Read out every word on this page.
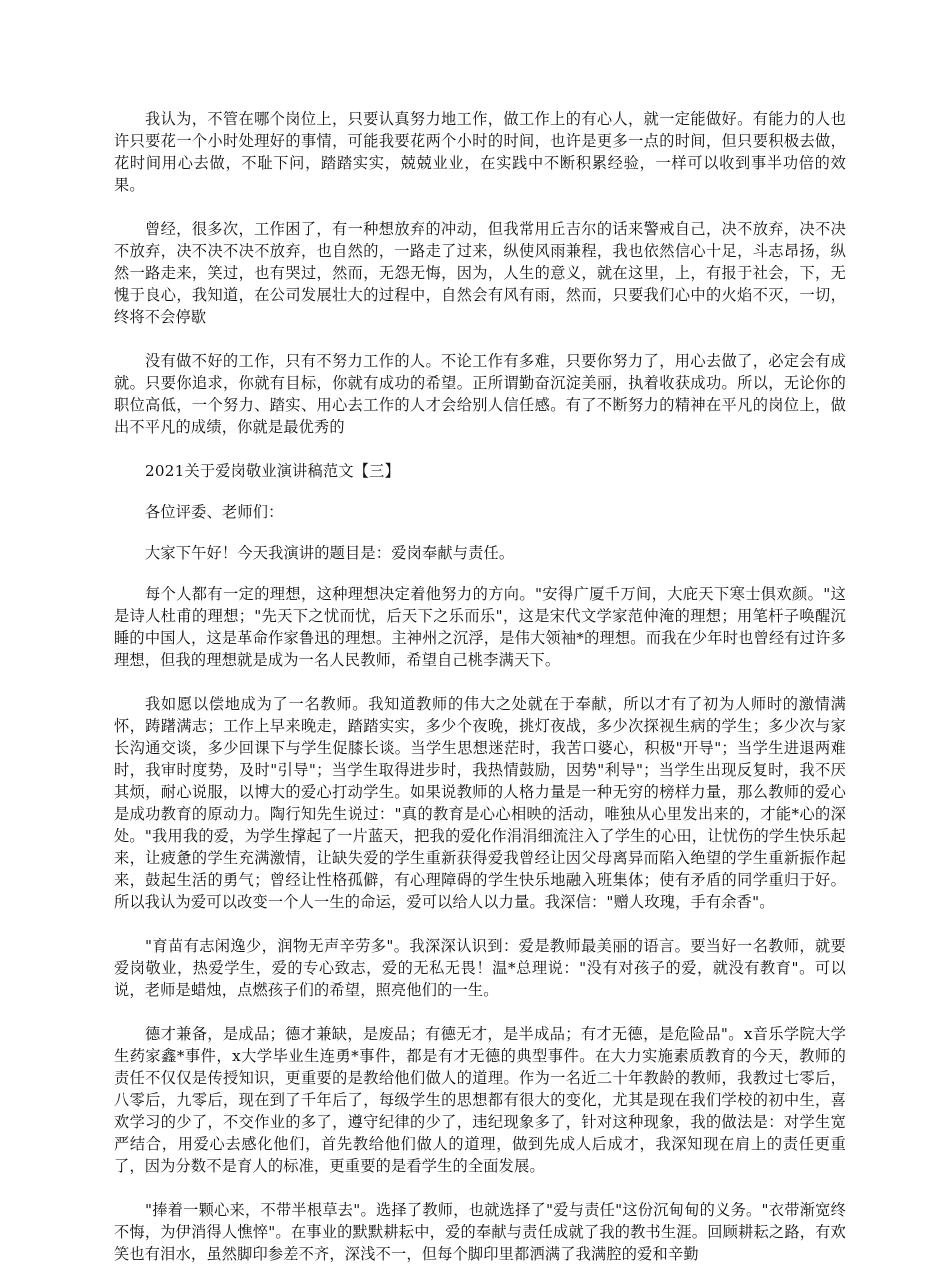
我认为，不管在哪个岗位上，只要认真努力地工作，做工作上的有心人，就一定能做好。有能力的人也许只要花一个小时处理好的事情，可能我要花两个小时的时间，也许是更多一点的时间，但只要积极去做，花时间用心去做，不耻下问，踏踏实实，兢兢业业，在实践中不断积累经验，一样可以收到事半功倍的效果。

曾经，很多次，工作困了，有一种想放弃的冲动，但我常用丘吉尔的话来警戒自己，决不放弃，决不决不放弃，决不决不决不放弃，也自然的，一路走了过来，纵使风雨兼程，我也依然信心十足，斗志昂扬，纵然一路走来，笑过，也有哭过，然而，无怨无悔，因为，人生的意义，就在这里，上，有报于社会，下，无愧于良心，我知道，在公司发展壮大的过程中，自然会有风有雨，然而，只要我们心中的火焰不灭，一切，终将不会停歇

没有做不好的工作，只有不努力工作的人。不论工作有多难，只要你努力了，用心去做了，必定会有成就。只要你追求，你就有目标，你就有成功的希望。正所谓勤奋沉淀美丽，执着收获成功。所以，无论你的职位高低，一个努力、踏实、用心去工作的人才会给别人信任感。有了不断努力的精神在平凡的岗位上，做出不平凡的成绩，你就是最优秀的

2021关于爱岗敬业演讲稿范文【三】

各位评委、老师们：

大家下午好！今天我演讲的题目是：爱岗奉献与责任。

每个人都有一定的理想，这种理想决定着他努力的方向。"安得广厦千万间，大庇天下寒士俱欢颜。"这是诗人杜甫的理想；"先天下之忧而忧，后天下之乐而乐"，这是宋代文学家范仲淹的理想；用笔杆子唤醒沉睡的中国人，这是革命作家鲁迅的理想。主神州之沉浮，是伟大领袖*的理想。而我在少年时也曾经有过许多理想，但我的理想就是成为一名人民教师，希望自己桃李满天下。

我如愿以偿地成为了一名教师。我知道教师的伟大之处就在于奉献，所以才有了初为人师时的激情满怀，踌躇满志；工作上早来晚走，踏踏实实，多少个夜晚，挑灯夜战，多少次探视生病的学生；多少次与家长沟通交谈，多少回课下与学生促膝长谈。当学生思想迷茫时，我苦口婆心，积极"开导"；当学生进退两难时，我审时度势，及时"引导"；当学生取得进步时，我热情鼓励，因势"利导"；当学生出现反复时，我不厌其烦，耐心说服，以博大的爱心打动学生。如果说教师的人格力量是一种无穷的榜样力量，那么教师的爱心是成功教育的原动力。陶行知先生说过："真的教育是心心相映的活动，唯独从心里发出来的，才能*心的深处。"我用我的爱，为学生撑起了一片蓝天，把我的爱化作涓涓细流注入了学生的心田，让忧伤的学生快乐起来，让疲惫的学生充满激情，让缺失爱的学生重新获得爱我曾经让因父母离异而陷入绝望的学生重新振作起来，鼓起生活的勇气；曾经让性格孤僻，有心理障碍的学生快乐地融入班集体；使有矛盾的同学重归于好。所以我认为爱可以改变一个人一生的命运，爱可以给人以力量。我深信："赠人玫瑰，手有余香"。

"育苗有志闲逸少，润物无声辛劳多"。我深深认识到：爱是教师最美丽的语言。要当好一名教师，就要爱岗敬业，热爱学生，爱的专心致志，爱的无私无畏！温*总理说："没有对孩子的爱，就没有教育"。可以说，老师是蜡烛，点燃孩子们的希望，照亮他们的一生。

德才兼备，是成品；德才兼缺，是废品；有德无才，是半成品；有才无德，是危险品"。x音乐学院大学生药家鑫*事件，x大学毕业生连勇*事件，都是有才无德的典型事件。在大力实施素质教育的今天，教师的责任不仅仅是传授知识，更重要的是教给他们做人的道理。作为一名近二十年教龄的教师，我教过七零后，八零后，九零后，现在到了千年后了，每级学生的思想都有很大的变化，尤其是现在我们学校的初中生，喜欢学习的少了，不交作业的多了，遵守纪律的少了，违纪现象多了，针对这种现象，我的做法是：对学生宽严结合，用爱心去感化他们，首先教给他们做人的道理，做到先成人后成才，我深知现在肩上的责任更重了，因为分数不是育人的标准，更重要的是看学生的全面发展。

"捧着一颗心来，不带半根草去"。选择了教师，也就选择了"爱与责任"这份沉甸甸的义务。"衣带渐宽终不悔，为伊消得人憔悴"。在事业的默默耕耘中，爱的奉献与责任成就了我的教书生涯。回顾耕耘之路，有欢笑也有泪水，虽然脚印参差不齐，深浅不一，但每个脚印里都洒满了我满腔的爱和辛勤
